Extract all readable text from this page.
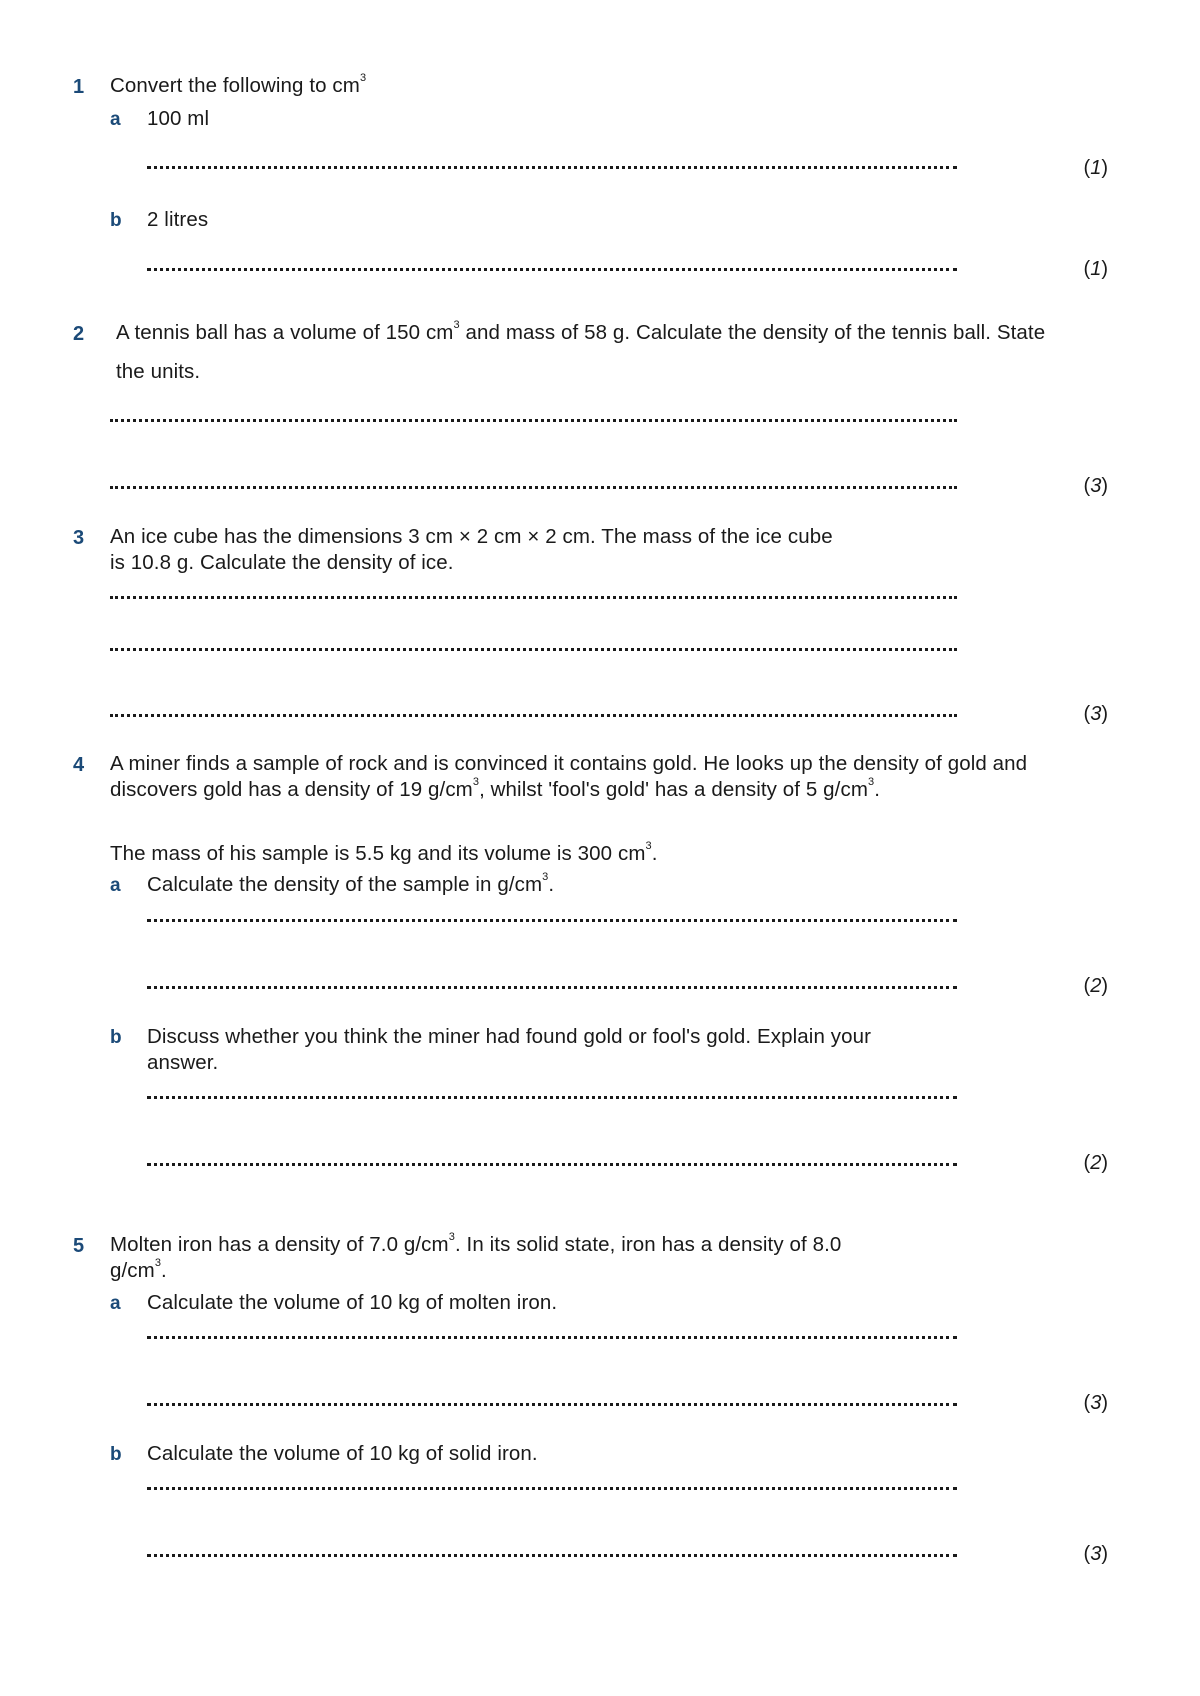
1 Convert the following to $cm^3$
a 100 ml
(1)
b 2 litres
(1)
2 A tennis ball has a volume of 150 $cm^3$ and mass of 58 g. Calculate the density of the tennis ball. State
the units.
(3)
3 An ice cube has the dimensions 3 cm × 2 cm × 2 cm. The mass of the ice cube
is 10.8 g. Calculate the density of ice.
(3)
4 A miner finds a sample of rock and is convinced it contains gold. He looks up the density of gold and
discovers gold has a density of 19 $g/cm^3$, whilst 'fool's gold' has a density of 5 $g/cm^3$.
The mass of his sample is 5.5 kg and its volume is 300 $cm^3$.
a Calculate the density of the sample in $g/cm^3$.
(2)
b Discuss whether you think the miner had found gold or fool's gold. Explain your
answer.
(2)
5 Molten iron has a density of 7.0 $g/cm^3$. In its solid state, iron has a density of 8.0
$g/cm^3$.
a Calculate the volume of 10 kg of molten iron.
(3)
b Calculate the volume of 10 kg of solid iron.
(3)
